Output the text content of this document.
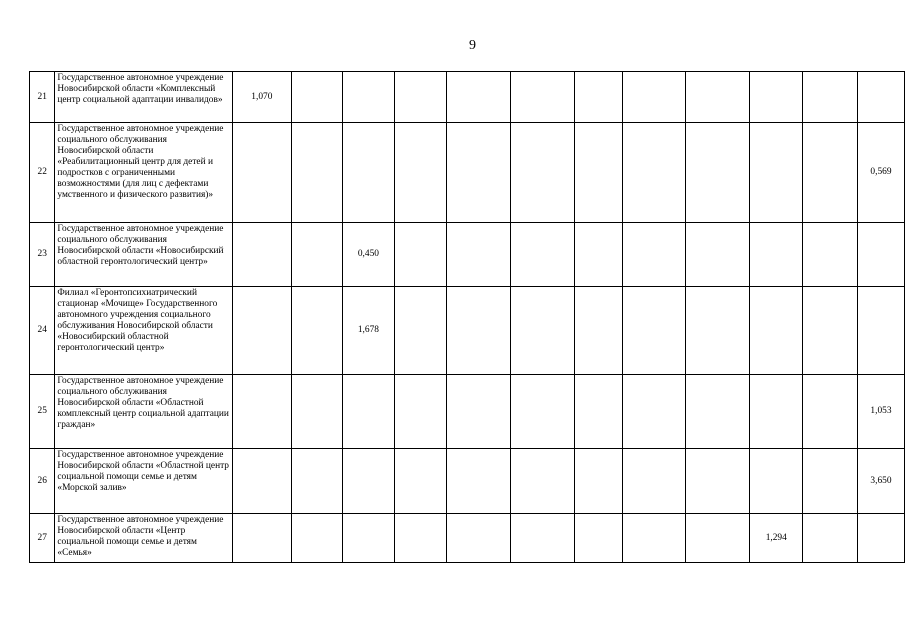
9
21	Государственное автономное учреждение Новосибирской области «Комплексный центр социальной адаптации инвалидов»	1,070											
22	Государственное автономное учреждение социального обслуживания Новосибирской области «Реабилитационный центр для детей и подростков с ограниченными возможностями (для лиц с дефектами умственного и физического развития)»												0,569
23	Государственное автономное учреждение социального обслуживания Новосибирской области «Новосибирский областной геронтологический центр»			0,450									
24	Филиал «Геронтопсихиатрический стационар «Мочище» Государственного автономного учреждения социального обслуживания Новосибирской области «Новосибирский областной геронтологический центр»			1,678									
25	Государственное автономное учреждение социального обслуживания Новосибирской области «Областной комплексный центр социальной адаптации граждан»												1,053
26	Государственное автономное учреждение Новосибирской области «Областной центр социальной помощи семье и детям «Морской залив»												3,650
27	Государственное автономное учреждение Новосибирской области «Центр социальной помощи семье и детям «Семья»										1,294		
